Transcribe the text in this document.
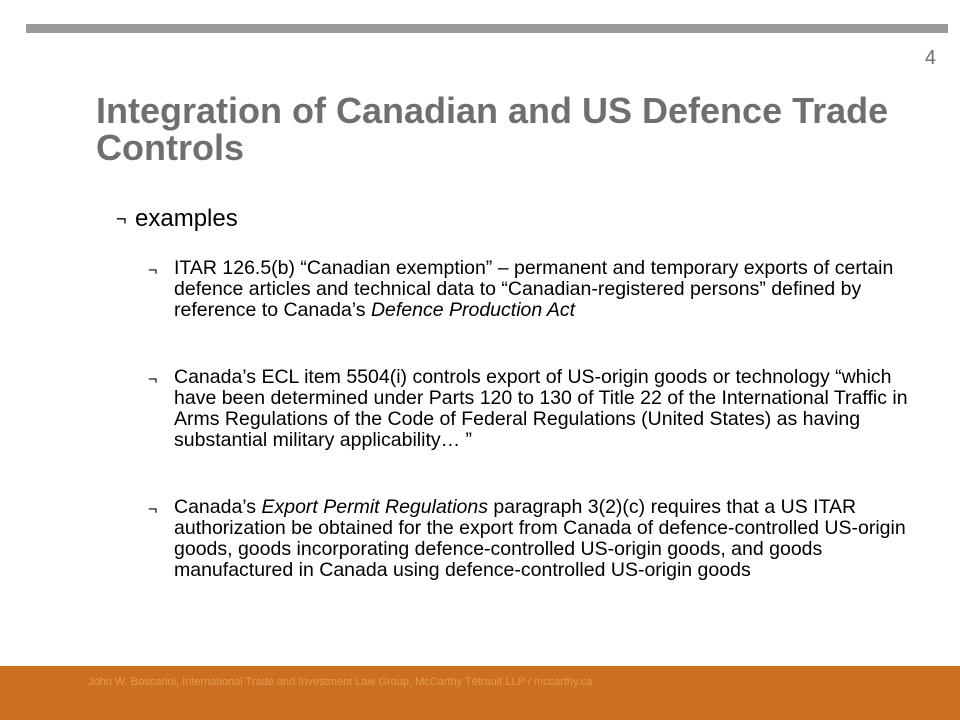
4
Integration of Canadian and US Defence Trade Controls
¬ examples
¬ ITAR 126.5(b) “Canadian exemption” – permanent and temporary exports of certain defence articles and technical data to “Canadian-registered persons” defined by reference to Canada’s Defence Production Act
¬ Canada’s ECL item 5504(i) controls export of US-origin goods or technology “which have been determined under Parts 120 to 130 of Title 22 of the International Traffic in Arms Regulations of the Code of Federal Regulations (United States) as having substantial military applicability… ”
¬ Canada’s Export Permit Regulations paragraph 3(2)(c) requires that a US ITAR authorization be obtained for the export from Canada of defence-controlled US-origin goods, goods incorporating defence-controlled US-origin goods, and goods manufactured in Canada using defence-controlled US-origin goods
John W. Boscariol, International Trade and Investment Law Group, McCarthy Tétrault LLP / mccarthy.ca
